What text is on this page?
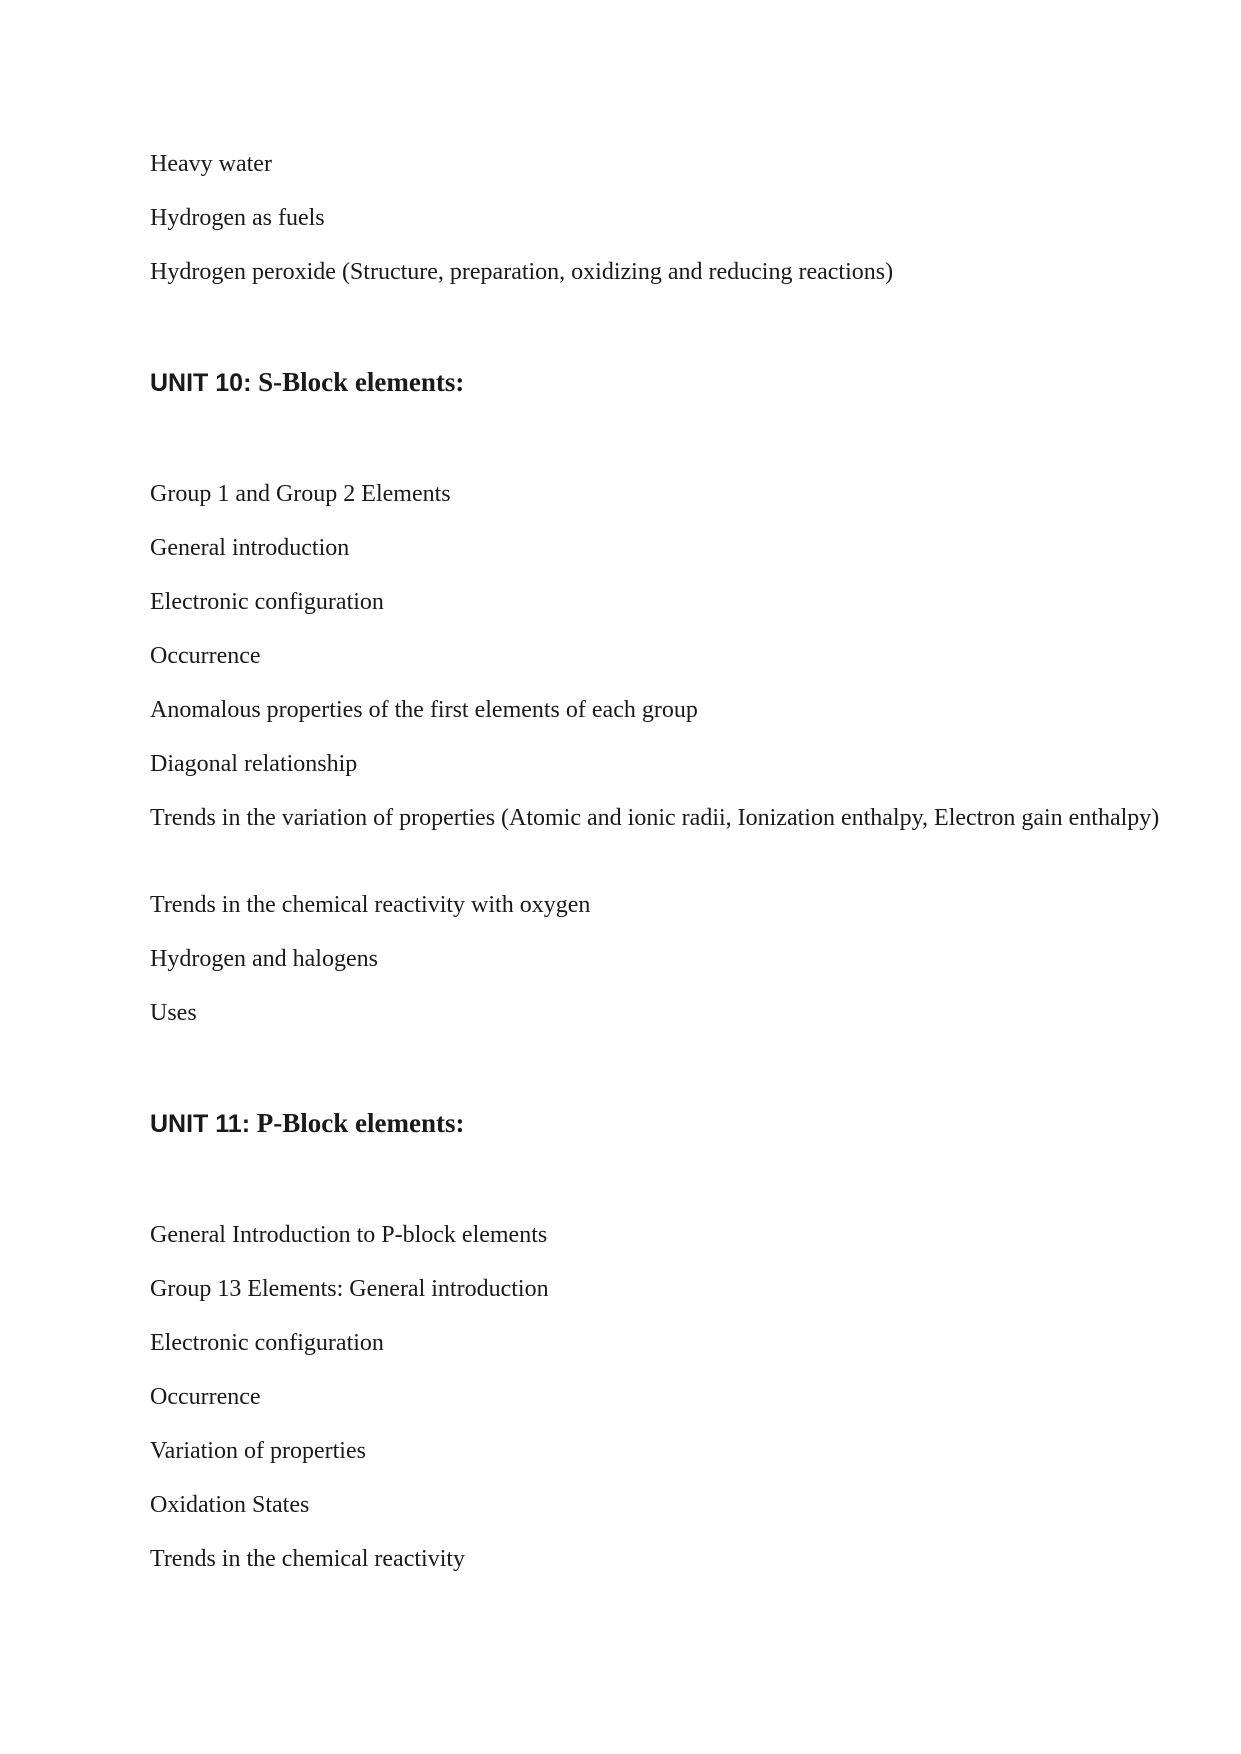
Heavy water

Hydrogen as fuels

Hydrogen peroxide (Structure, preparation, oxidizing and reducing reactions)

UNIT 10: S-Block elements:

Group 1 and Group 2 Elements

General introduction

Electronic configuration

Occurrence

Anomalous properties of the first elements of each group

Diagonal relationship

Trends in the variation of properties (Atomic and ionic radii, Ionization enthalpy, Electron gain enthalpy)

Trends in the chemical reactivity with oxygen

Hydrogen and halogens

Uses

UNIT 11: P-Block elements:

General Introduction to P-block elements

Group 13 Elements: General introduction

Electronic configuration

Occurrence

Variation of properties

Oxidation States

Trends in the chemical reactivity
